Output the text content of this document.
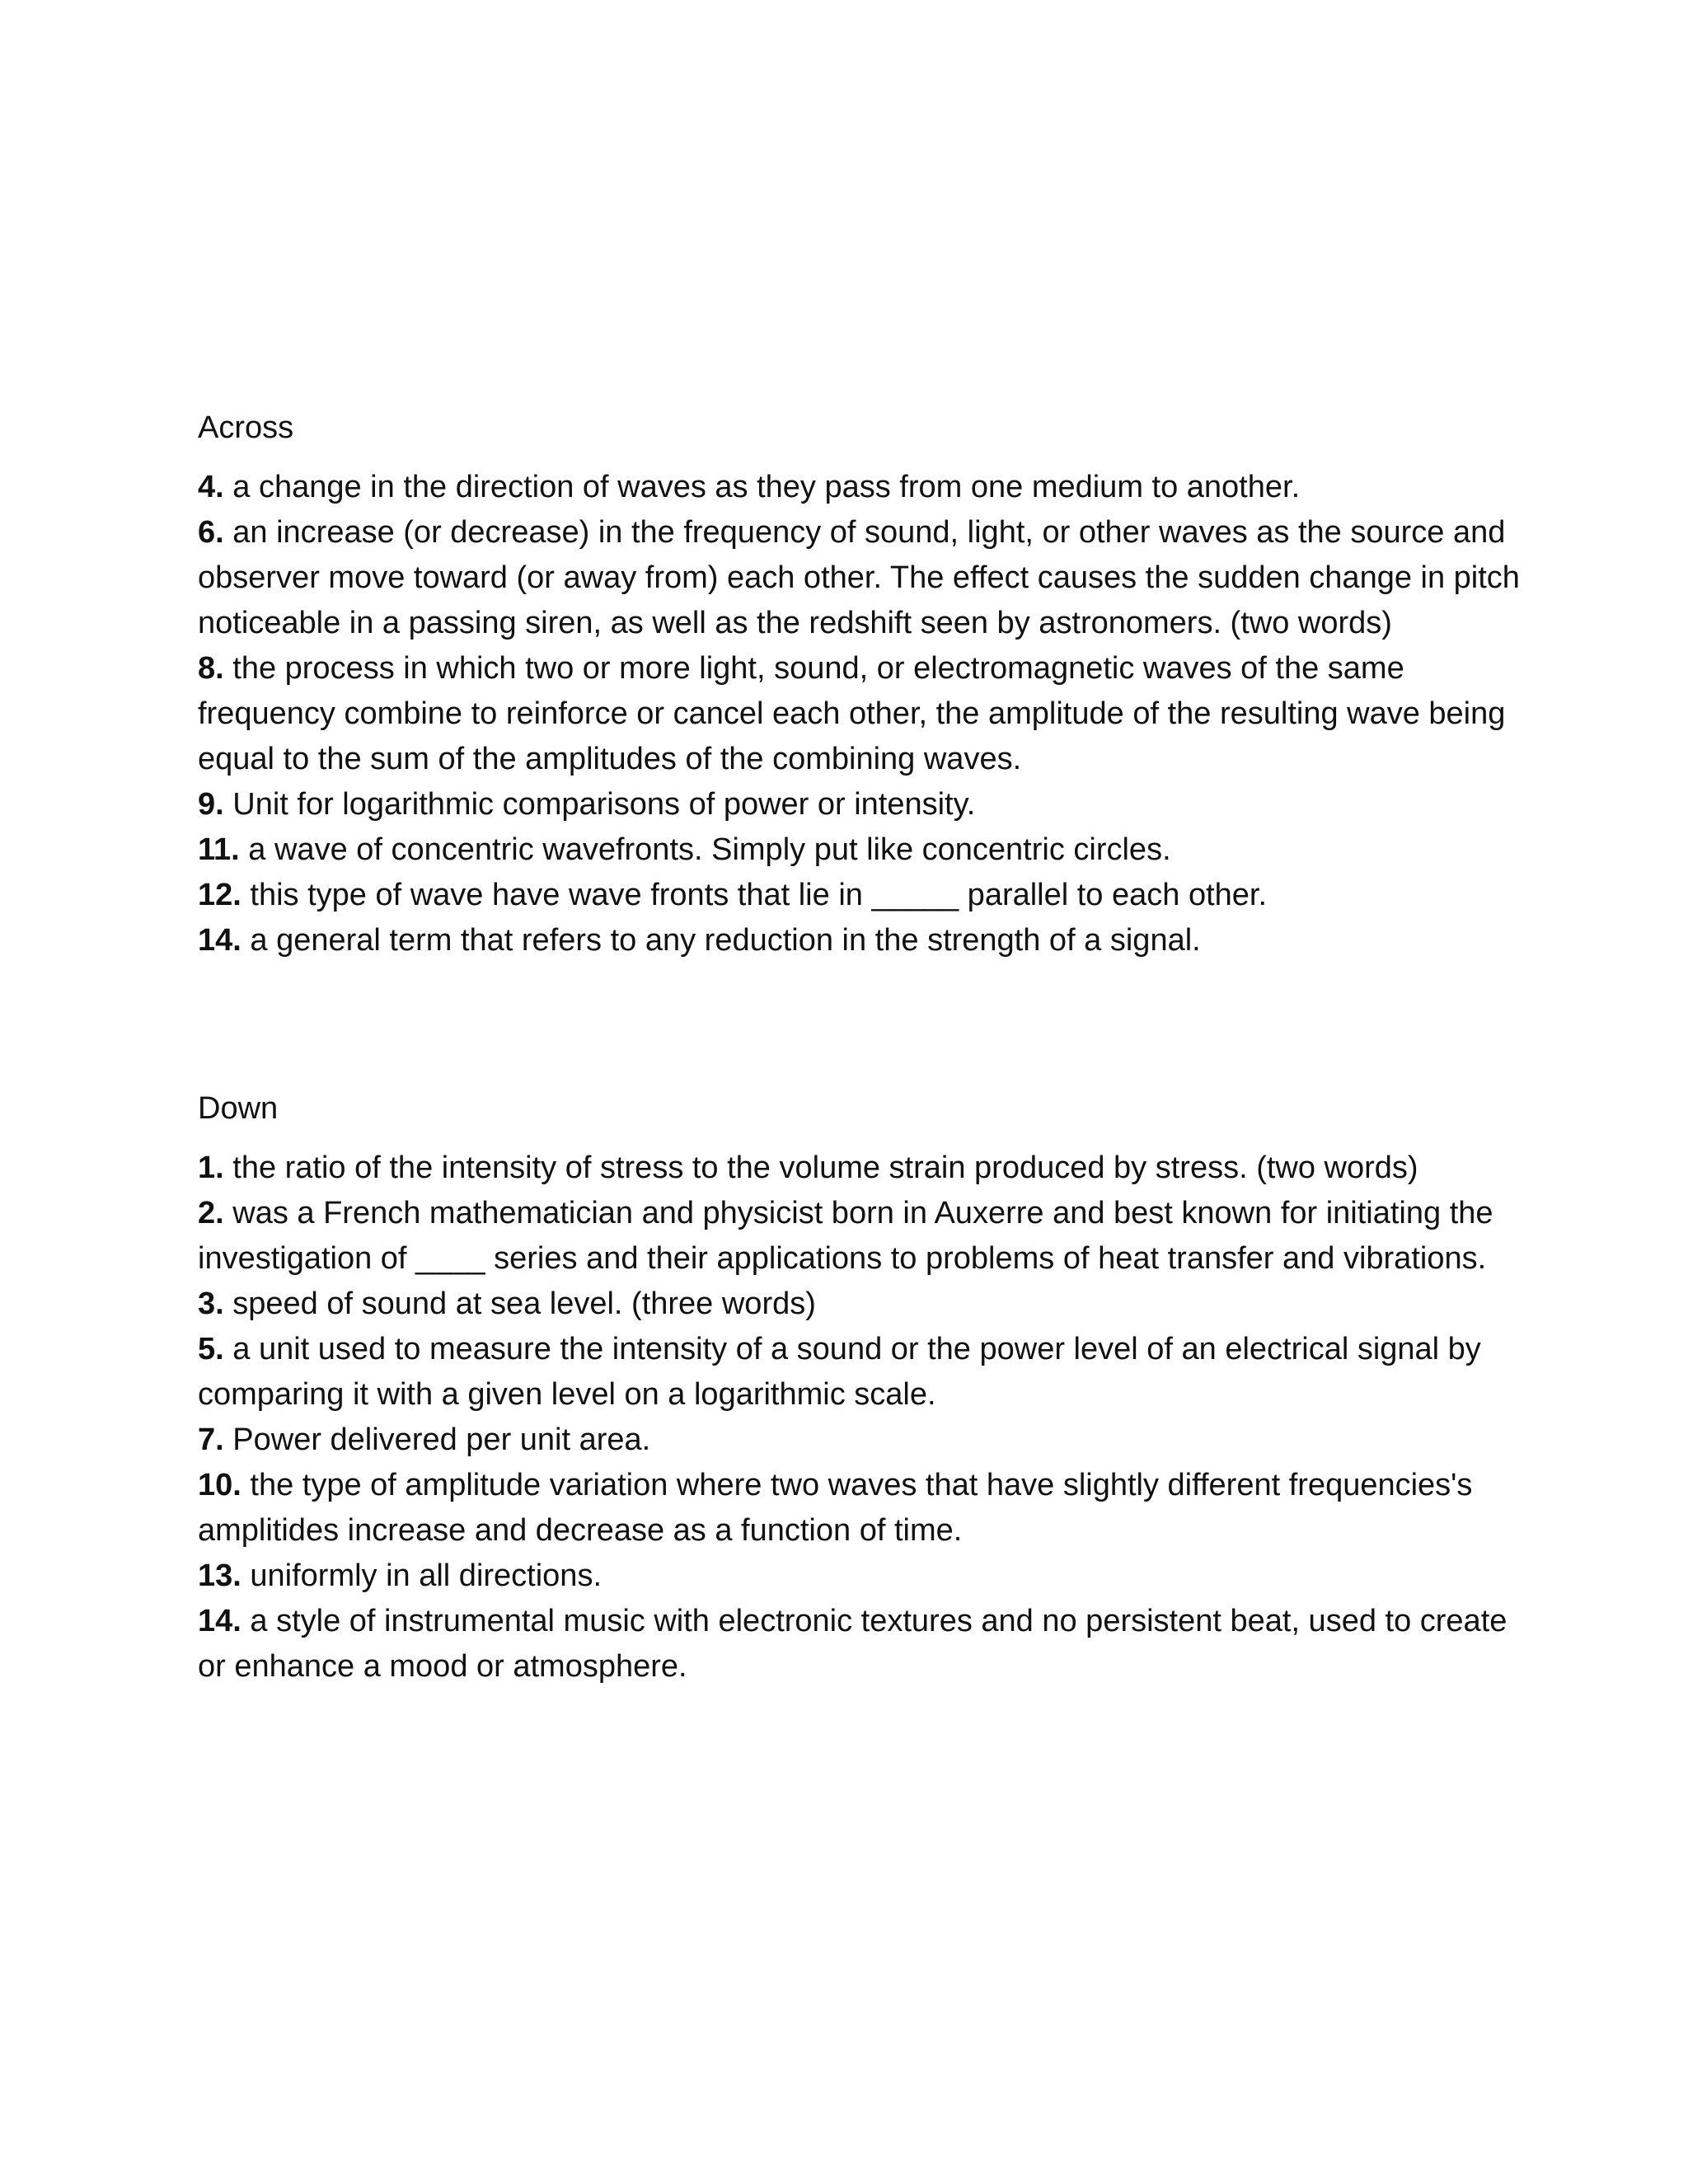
Across
4. a change in the direction of waves as they pass from one medium to another.
6. an increase (or decrease) in the frequency of sound, light, or other waves as the source and observer move toward (or away from) each other. The effect causes the sudden change in pitch noticeable in a passing siren, as well as the redshift seen by astronomers. (two words)
8. the process in which two or more light, sound, or electromagnetic waves of the same frequency combine to reinforce or cancel each other, the amplitude of the resulting wave being equal to the sum of the amplitudes of the combining waves.
9. Unit for logarithmic comparisons of power or intensity.
11. a wave of concentric wavefronts. Simply put like concentric circles.
12. this type of wave have wave fronts that lie in _____ parallel to each other.
14. a general term that refers to any reduction in the strength of a signal.
Down
1. the ratio of the intensity of stress to the volume strain produced by stress. (two words)
2. was a French mathematician and physicist born in Auxerre and best known for initiating the investigation of ____ series and their applications to problems of heat transfer and vibrations.
3. speed of sound at sea level. (three words)
5. a unit used to measure the intensity of a sound or the power level of an electrical signal by comparing it with a given level on a logarithmic scale.
7. Power delivered per unit area.
10. the type of amplitude variation where two waves that have slightly different frequencies's amplitides increase and decrease as a function of time.
13. uniformly in all directions.
14. a style of instrumental music with electronic textures and no persistent beat, used to create or enhance a mood or atmosphere.
